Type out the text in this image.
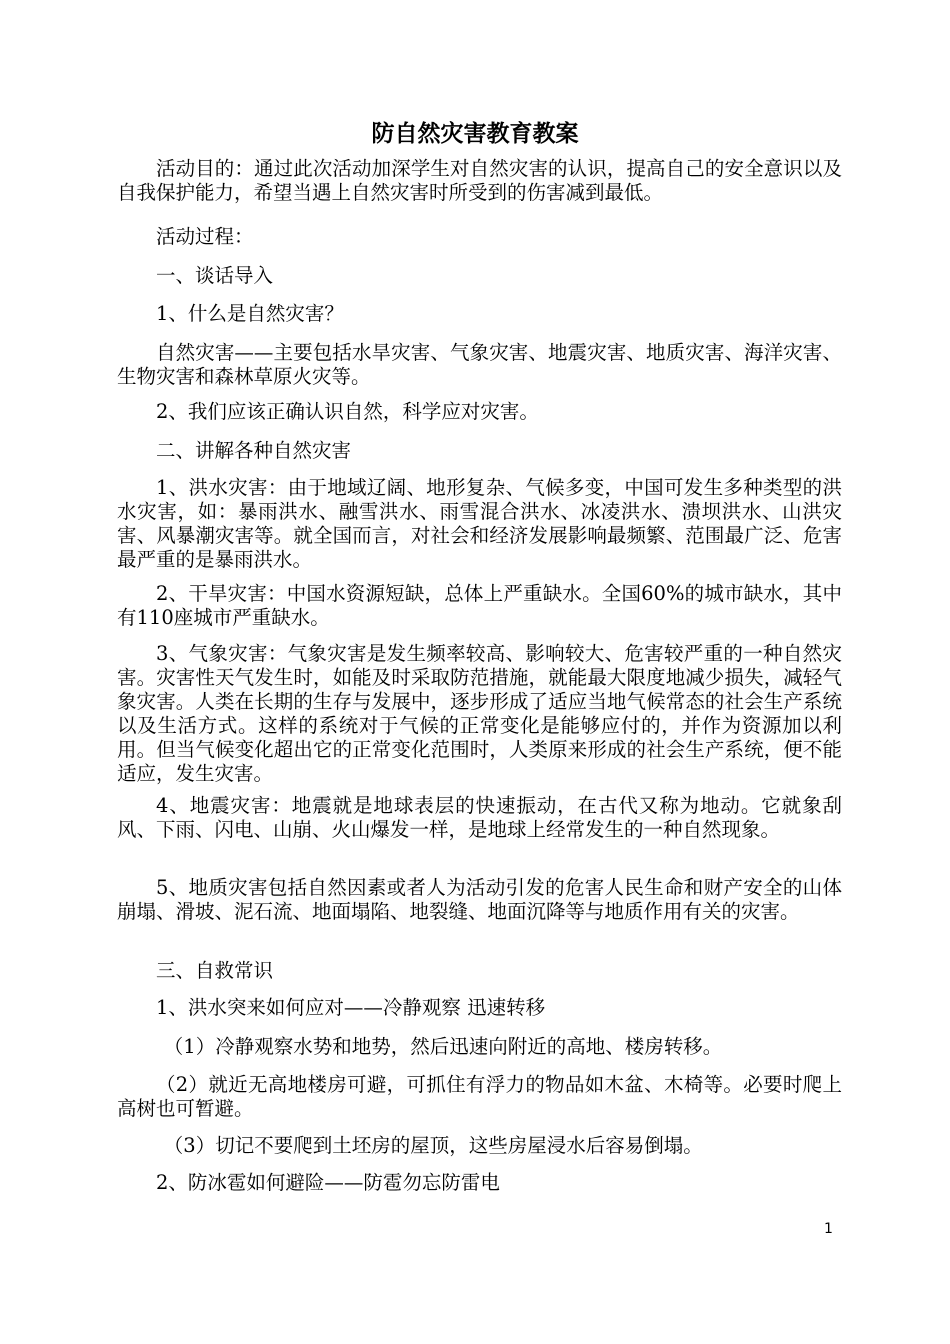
防自然灾害教育教案

活动目的：通过此次活动加深学生对自然灾害的认识，提高自己的安全意识以及自我保护能力，希望当遇上自然灾害时所受到的伤害减到最低。

活动过程：

一、谈话导入

1、什么是自然灾害？

自然灾害——主要包括水旱灾害、气象灾害、地震灾害、地质灾害、海洋灾害、生物灾害和森林草原火灾等。

2、我们应该正确认识自然，科学应对灾害。

二、讲解各种自然灾害

1、洪水灾害：由于地域辽阔、地形复杂、气候多变，中国可发生多种类型的洪水灾害，如：暴雨洪水、融雪洪水、雨雪混合洪水、冰凌洪水、溃坝洪水、山洪灾害、风暴潮灾害等。就全国而言，对社会和经济发展影响最频繁、范围最广泛、危害最严重的是暴雨洪水。

2、干旱灾害：中国水资源短缺，总体上严重缺水。全国60%的城市缺水，其中有110座城市严重缺水。

3、气象灾害：气象灾害是发生频率较高、影响较大、危害较严重的一种自然灾害。灾害性天气发生时，如能及时采取防范措施，就能最大限度地减少损失，减轻气象灾害。人类在长期的生存与发展中，逐步形成了适应当地气候常态的社会生产系统以及生活方式。这样的系统对于气候的正常变化是能够应付的，并作为资源加以利用。但当气候变化超出它的正常变化范围时，人类原来形成的社会生产系统，便不能适应，发生灾害。

4、地震灾害：地震就是地球表层的快速振动，在古代又称为地动。它就象刮风、下雨、闪电、山崩、火山爆发一样，是地球上经常发生的一种自然现象。

5、地质灾害包括自然因素或者人为活动引发的危害人民生命和财产安全的山体崩塌、滑坡、泥石流、地面塌陷、地裂缝、地面沉降等与地质作用有关的灾害。

三、自救常识

1、洪水突来如何应对——冷静观察 迅速转移

（1）冷静观察水势和地势，然后迅速向附近的高地、楼房转移。

（2）就近无高地楼房可避，可抓住有浮力的物品如木盆、木椅等。必要时爬上高树也可暂避。

（3）切记不要爬到土坯房的屋顶，这些房屋浸水后容易倒塌。

2、防冰雹如何避险——防雹勿忘防雷电

1
